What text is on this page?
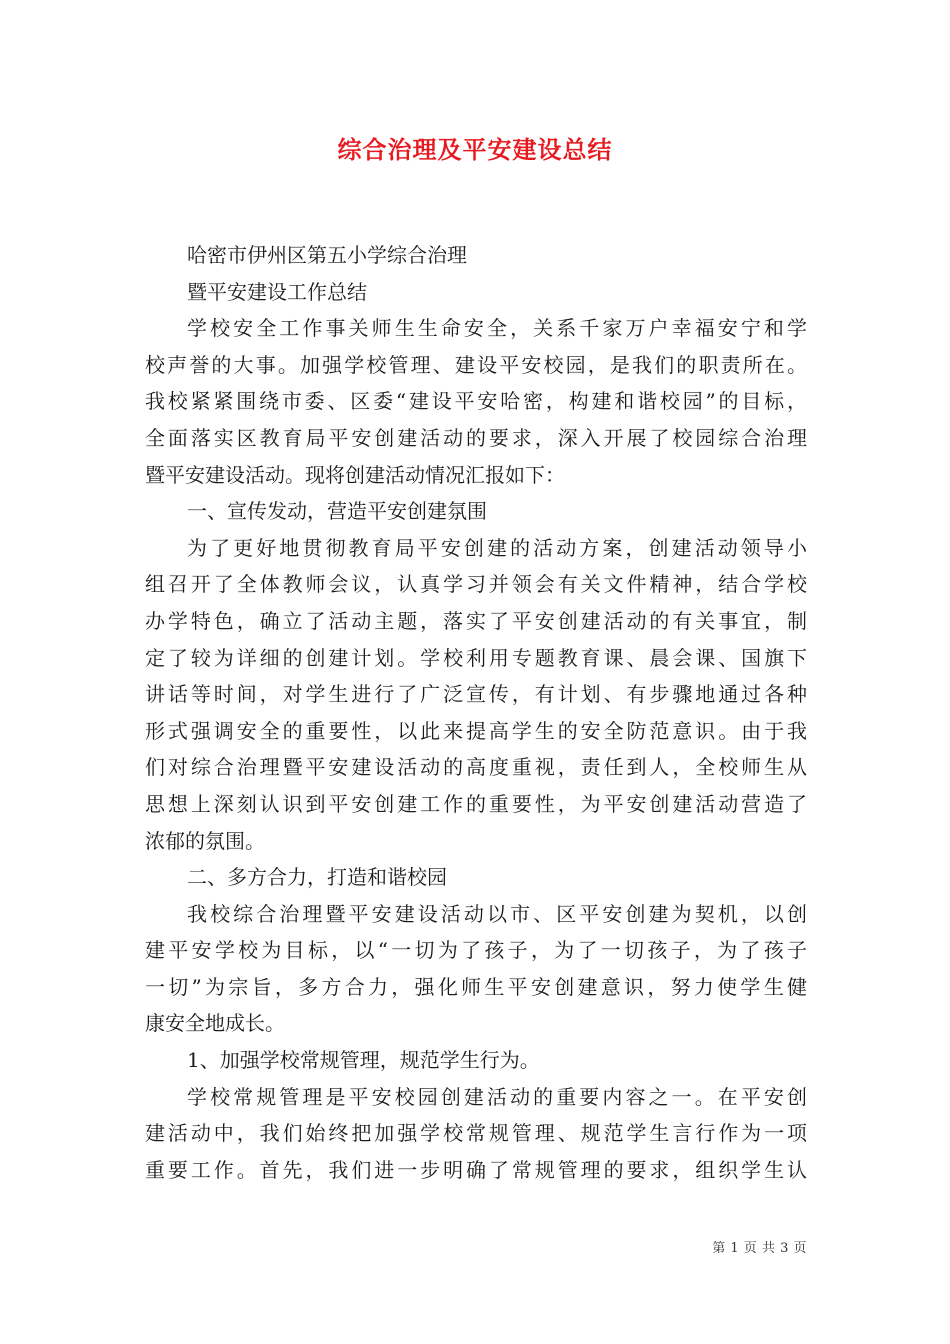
综合治理及平安建设总结
哈密市伊州区第五小学综合治理
暨平安建设工作总结
学校安全工作事关师生生命安全，关系千家万户幸福安宁和学
校声誉的大事。加强学校管理、建设平安校园，是我们的职责所在。
我校紧紧围绕市委、区委“建设平安哈密，构建和谐校园”的目标，
全面落实区教育局平安创建活动的要求，深入开展了校园综合治理
暨平安建设活动。现将创建活动情况汇报如下：
一、宣传发动，营造平安创建氛围
为了更好地贯彻教育局平安创建的活动方案，创建活动领导小
组召开了全体教师会议，认真学习并领会有关文件精神，结合学校
办学特色，确立了活动主题，落实了平安创建活动的有关事宜，制
定了较为详细的创建计划。学校利用专题教育课、晨会课、国旗下
讲话等时间，对学生进行了广泛宣传，有计划、有步骤地通过各种
形式强调安全的重要性，以此来提高学生的安全防范意识。由于我
们对综合治理暨平安建设活动的高度重视，责任到人，全校师生从
思想上深刻认识到平安创建工作的重要性，为平安创建活动营造了
浓郁的氛围。
二、多方合力，打造和谐校园
我校综合治理暨平安建设活动以市、区平安创建为契机，以创
建平安学校为目标，以“一切为了孩子，为了一切孩子，为了孩子
一切”为宗旨，多方合力，强化师生平安创建意识，努力使学生健
康安全地成长。
1、加强学校常规管理，规范学生行为。
学校常规管理是平安校园创建活动的重要内容之一。在平安创
建活动中，我们始终把加强学校常规管理、规范学生言行作为一项
重要工作。首先，我们进一步明确了常规管理的要求，组织学生认
第 1 页 共 3 页
